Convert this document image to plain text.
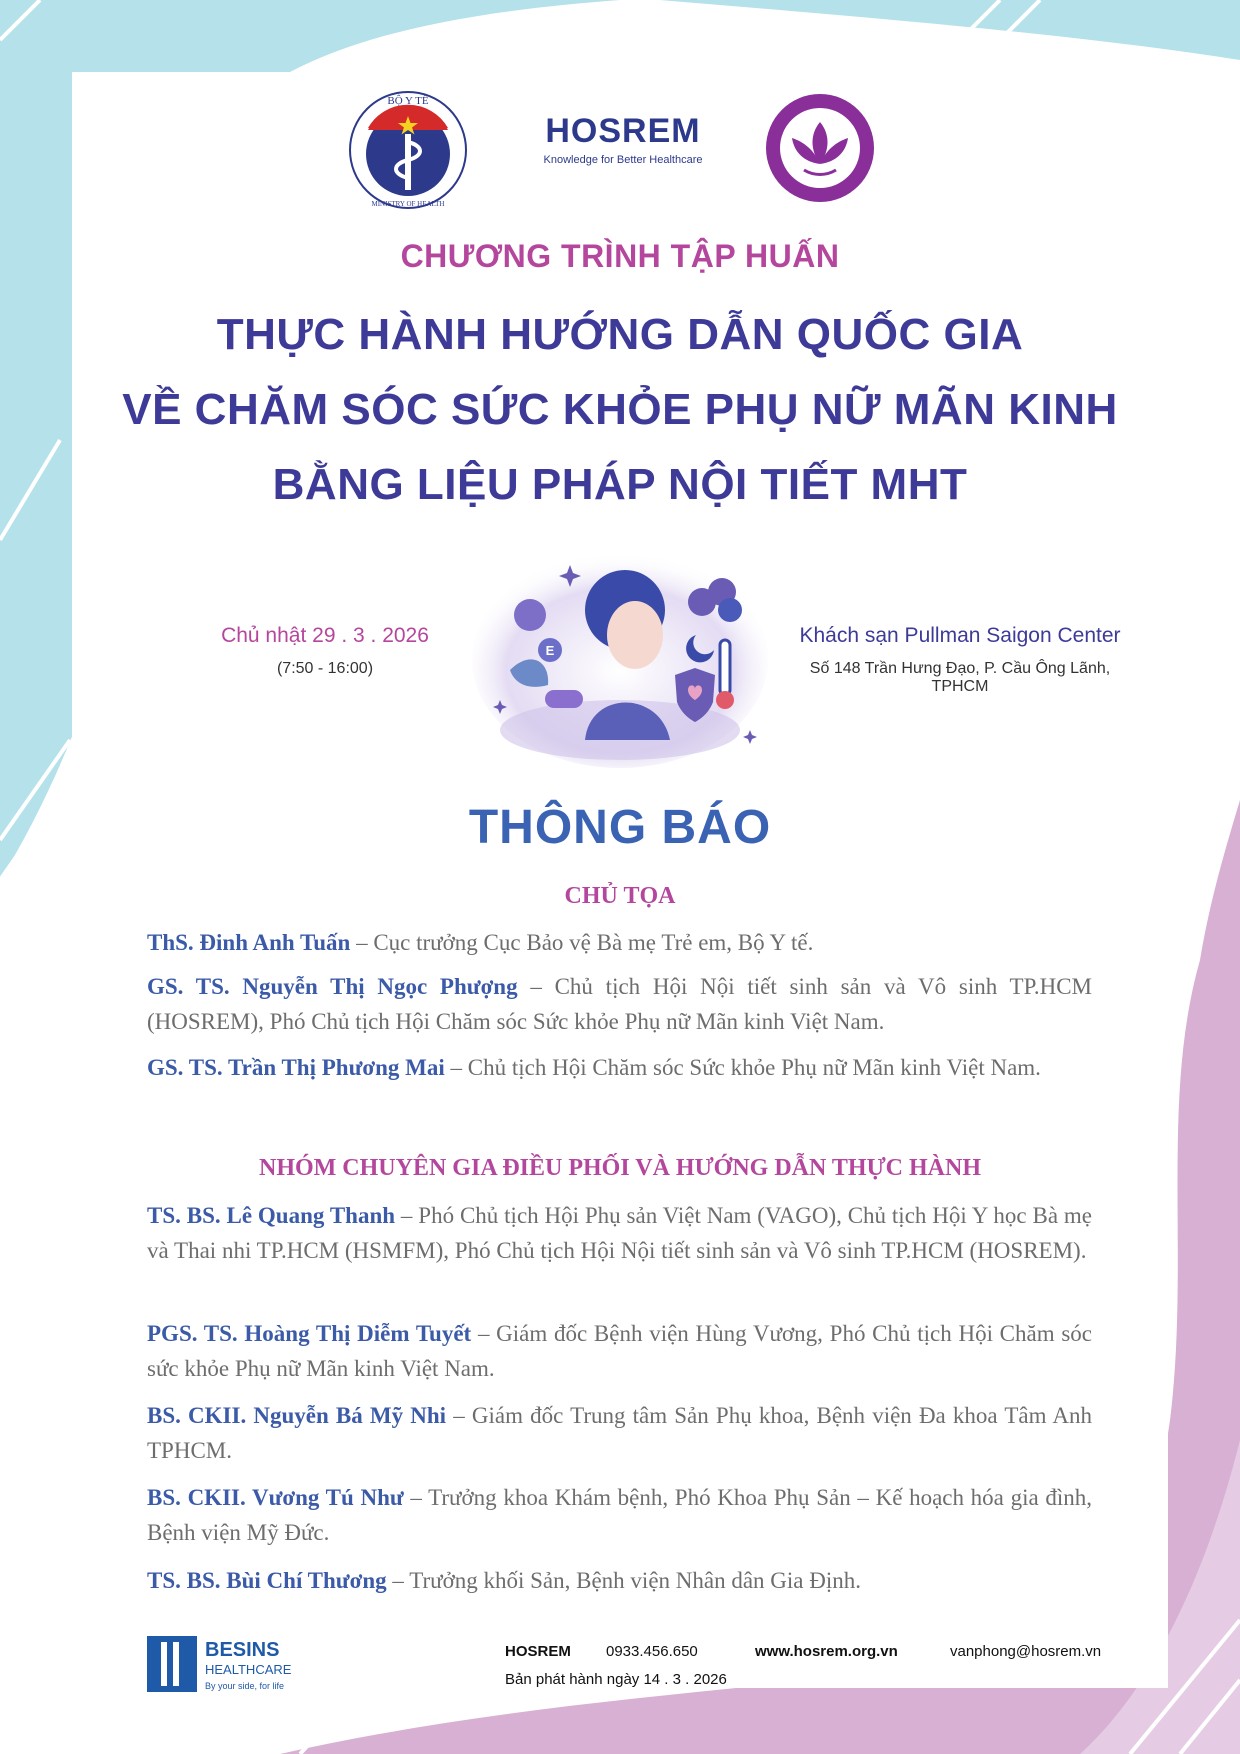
BỘ Y TẾ
MINISTRY OF HEALTH
HOSREM
Knowledge for Better Healthcare
CHƯƠNG TRÌNH TẬP HUẤN
THỰC HÀNH HƯỚNG DẪN QUỐC GIA
VỀ CHĂM SÓC SỨC KHỎE PHỤ NỮ MÃN KINH
BẰNG LIỆU PHÁP NỘI TIẾT MHT
Chủ nhật 29 . 3 . 2026
(7:50 - 16:00)
Khách sạn Pullman Saigon Center
Số 148 Trần Hưng Đạo, P. Cầu Ông Lãnh, TPHCM
E
THÔNG BÁO
CHỦ TỌA
ThS. Đinh Anh Tuấn – Cục trưởng Cục Bảo vệ Bà mẹ Trẻ em, Bộ Y tế.
GS. TS. Nguyễn Thị Ngọc Phượng – Chủ tịch Hội Nội tiết sinh sản và Vô sinh TP.HCM (HOSREM), Phó Chủ tịch Hội Chăm sóc Sức khỏe Phụ nữ Mãn kinh Việt Nam.
GS. TS. Trần Thị Phương Mai – Chủ tịch Hội Chăm sóc Sức khỏe Phụ nữ Mãn kinh Việt Nam.
NHÓM CHUYÊN GIA ĐIỀU PHỐI VÀ HƯỚNG DẪN THỰC HÀNH
TS. BS. Lê Quang Thanh – Phó Chủ tịch Hội Phụ sản Việt Nam (VAGO), Chủ tịch Hội Y học Bà mẹ và Thai nhi TP.HCM (HSMFM), Phó Chủ tịch Hội Nội tiết sinh sản và Vô sinh TP.HCM (HOSREM).
PGS. TS. Hoàng Thị Diễm Tuyết – Giám đốc Bệnh viện Hùng Vương, Phó Chủ tịch Hội Chăm sóc sức khỏe Phụ nữ Mãn kinh Việt Nam.
BS. CKII. Nguyễn Bá Mỹ Nhi – Giám đốc Trung tâm Sản Phụ khoa, Bệnh viện Đa khoa Tâm Anh TPHCM.
BS. CKII. Vương Tú Như – Trưởng khoa Khám bệnh, Phó Khoa Phụ Sản – Kế hoạch hóa gia đình, Bệnh viện Mỹ Đức.
TS. BS. Bùi Chí Thương – Trưởng khối Sản, Bệnh viện Nhân dân Gia Định.
BESINS
HEALTHCARE
By your side, for life
HOSREM 0933.456.650	www.hosrem.org.vn	vanphong@hosrem.vn
Bản phát hành ngày 14 . 3 . 2026
